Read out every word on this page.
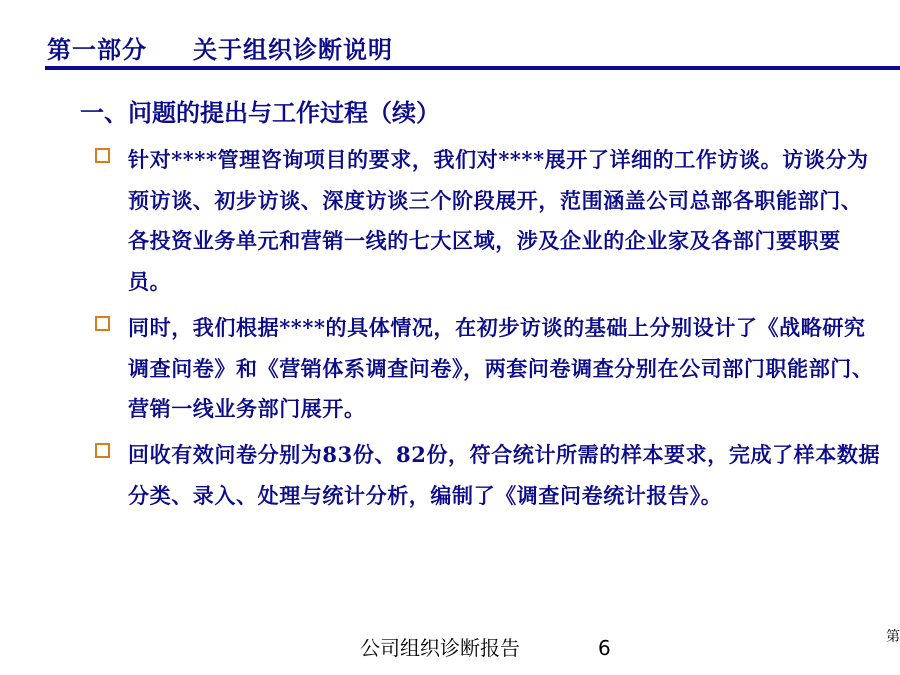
第一部分 关于组织诊断说明
一、问题的提出与工作过程（续）
针对****管理咨询项目的要求，我们对****展开了详细的工作访谈。访谈分为预访谈、初步访谈、深度访谈三个阶段展开，范围涵盖公司总部各职能部门、各投资业务单元和营销一线的七大区域，涉及企业的企业家及各部门要职要员。
同时，我们根据****的具体情况，在初步访谈的基础上分别设计了《战略研究调查问卷》和《营销体系调查问卷》，两套问卷调查分别在公司部门职能部门、营销一线业务部门展开。
回收有效问卷分别为83份、82份，符合统计所需的样本要求，完成了样本数据分类、录入、处理与统计分析，编制了《调查问卷统计报告》。
公司组织诊断报告	6	第
